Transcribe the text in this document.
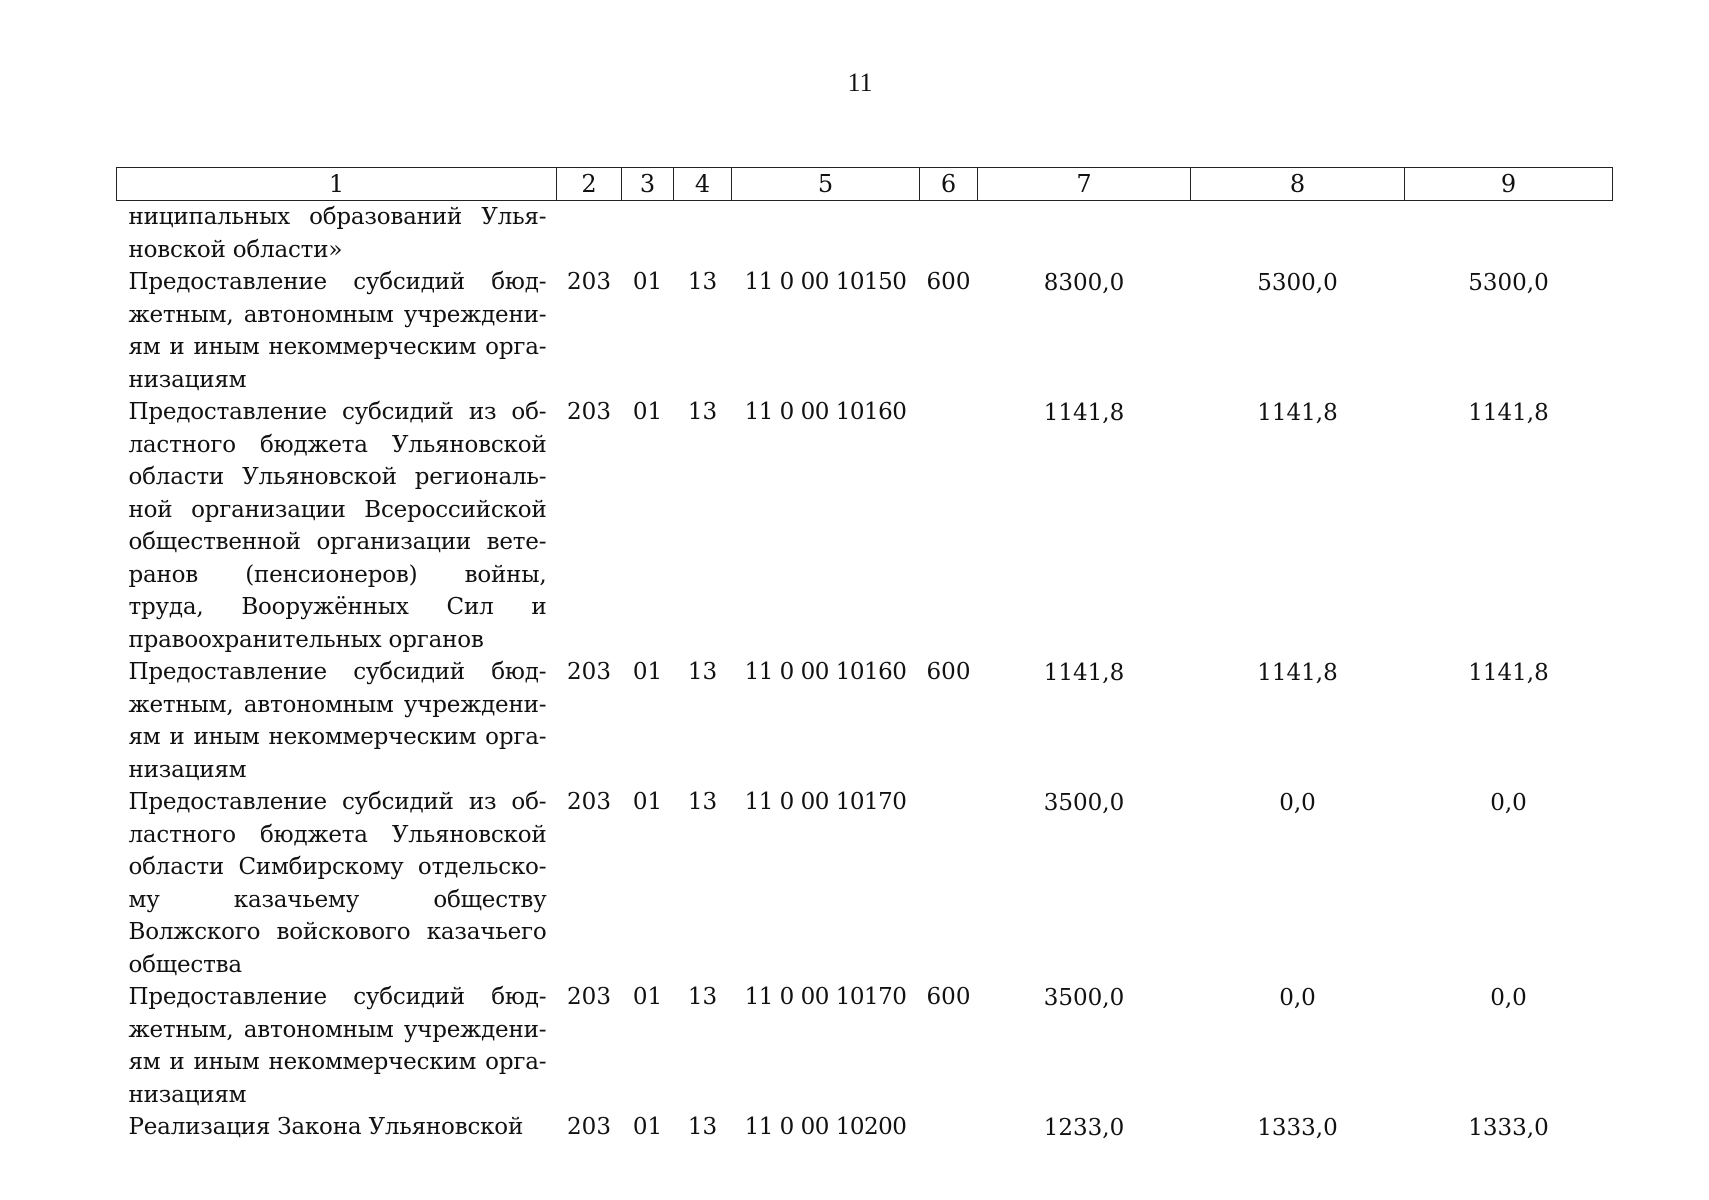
11
1	2	3	4	5	6	7	8	9
ниципальных образований Ульяновской области»								
Предоставление субсидий бюджетным, автономным учреждениям и иным некоммерческим организациям	203	01	13	11 0 00 10150	600	8300,0	5300,0	5300,0
Предоставление субсидий из областного бюджета Ульяновской области Ульяновской региональной организации Всероссийской общественной организации ветеранов (пенсионеров) войны, труда, Вооружённых Сил и правоохранительных органов	203	01	13	11 0 00 10160		1141,8	1141,8	1141,8
Предоставление субсидий бюджетным, автономным учреждениям и иным некоммерческим организациям	203	01	13	11 0 00 10160	600	1141,8	1141,8	1141,8
Предоставление субсидий из областного бюджета Ульяновской области Симбирскому отдельскому казачьему обществу Волжского войскового казачьего общества	203	01	13	11 0 00 10170		3500,0	0,0	0,0
Предоставление субсидий бюджетным, автономным учреждениям и иным некоммерческим организациям	203	01	13	11 0 00 10170	600	3500,0	0,0	0,0
Реализация Закона Ульяновской	203	01	13	11 0 00 10200		1233,0	1333,0	1333,0
